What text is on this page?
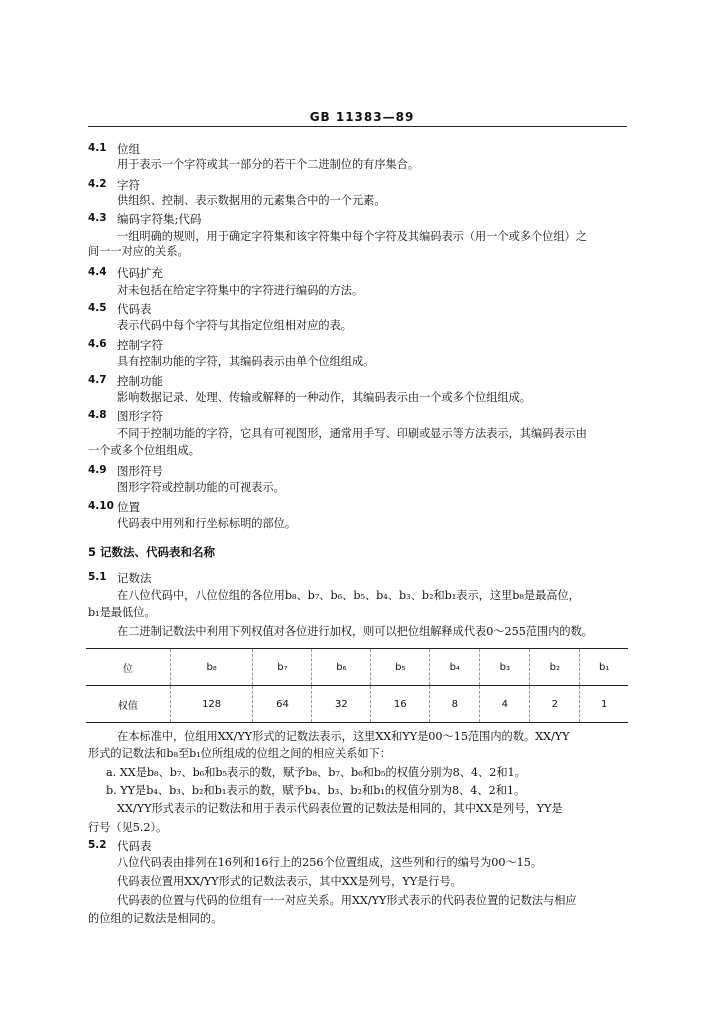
GB 11383—89
4.1 位组
用于表示一个字符或其一部分的若干个二进制位的有序集合。
4.2 字符
供组织、控制、表示数据用的元素集合中的一个元素。
4.3 编码字符集;代码
一组明确的规则，用于确定字符集和该字符集中每个字符及其编码表示（用一个或多个位组）之
间一一对应的关系。
4.4 代码扩充
对未包括在给定字符集中的字符进行编码的方法。
4.5 代码表
表示代码中每个字符与其指定位组相对应的表。
4.6 控制字符
具有控制功能的字符，其编码表示由单个位组组成。
4.7 控制功能
影响数据记录、处理、传输或解释的一种动作，其编码表示由一个或多个位组组成。
4.8 图形字符
不同于控制功能的字符，它具有可视图形，通常用手写、印刷或显示等方法表示，其编码表示由
一个或多个位组组成。
4.9 图形符号
图形字符或控制功能的可视表示。
4.10 位置
代码表中用列和行坐标标明的部位。
5 记数法、代码表和名称
5.1 记数法
在八位代码中，八位位组的各位用b₈、b₇、b₆、b₅、b₄、b₃、b₂和b₁表示，这里b₈是最高位，
b₁是最低位。
在二进制记数法中利用下列权值对各位进行加权，则可以把位组解释成代表0～255范围内的数。
位	b₈	b₇	b₆	b₅	b₄	b₃	b₂	b₁
权值	128	64	32	16	8	4	2	1
在本标准中，位组用XX/YY形式的记数法表示，这里XX和YY是00～15范围内的数。XX/YY
形式的记数法和b₈至b₁位所组成的位组之间的相应关系如下：
a. XX是b₈、b₇、b₆和b₅表示的数，赋予b₈、b₇、b₆和b₅的权值分别为8、4、2和1。
b. YY是b₄、b₃、b₂和b₁表示的数，赋予b₄、b₃、b₂和b₁的权值分别为8、4、2和1。
XX/YY形式表示的记数法和用于表示代码表位置的记数法是相同的，其中XX是列号，YY是
行号（见5.2）。
5.2 代码表
八位代码表由排列在16列和16行上的256个位置组成，这些列和行的编号为00～15。
代码表位置用XX/YY形式的记数法表示，其中XX是列号，YY是行号。
代码表的位置与代码的位组有一一对应关系。用XX/YY形式表示的代码表位置的记数法与相应
的位组的记数法是相同的。
